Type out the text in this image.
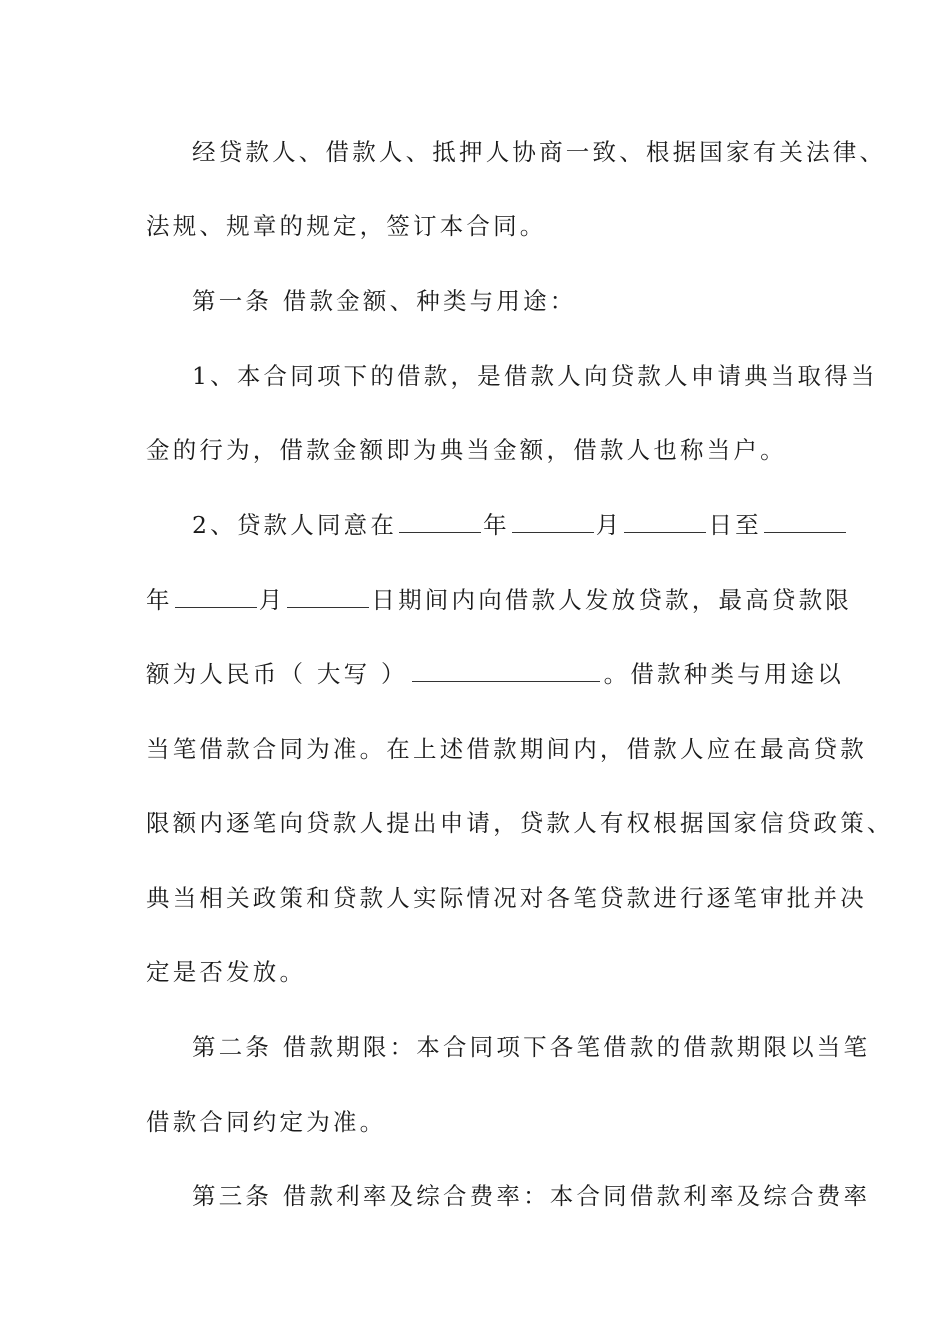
经贷款人、借款人、抵押人协商一致、根据国家有关法律、
法规、规章的规定，签订本合同。
第一条 借款金额、种类与用途：
1、本合同项下的借款，是借款人向贷款人申请典当取得当
金的行为，借款金额即为典当金额，借款人也称当户。
2、贷款人同意在	年	月	日至
年	月	日期间内向借款人发放贷款，最高贷款限
额为人民币（ 大写 ）	。借款种类与用途以
当笔借款合同为准。在上述借款期间内，借款人应在最高贷款
限额内逐笔向贷款人提出申请，贷款人有权根据国家信贷政策、
典当相关政策和贷款人实际情况对各笔贷款进行逐笔审批并决
定是否发放。
第二条 借款期限：本合同项下各笔借款的借款期限以当笔
借款合同约定为准。
第三条 借款利率及综合费率：本合同借款利率及综合费率
